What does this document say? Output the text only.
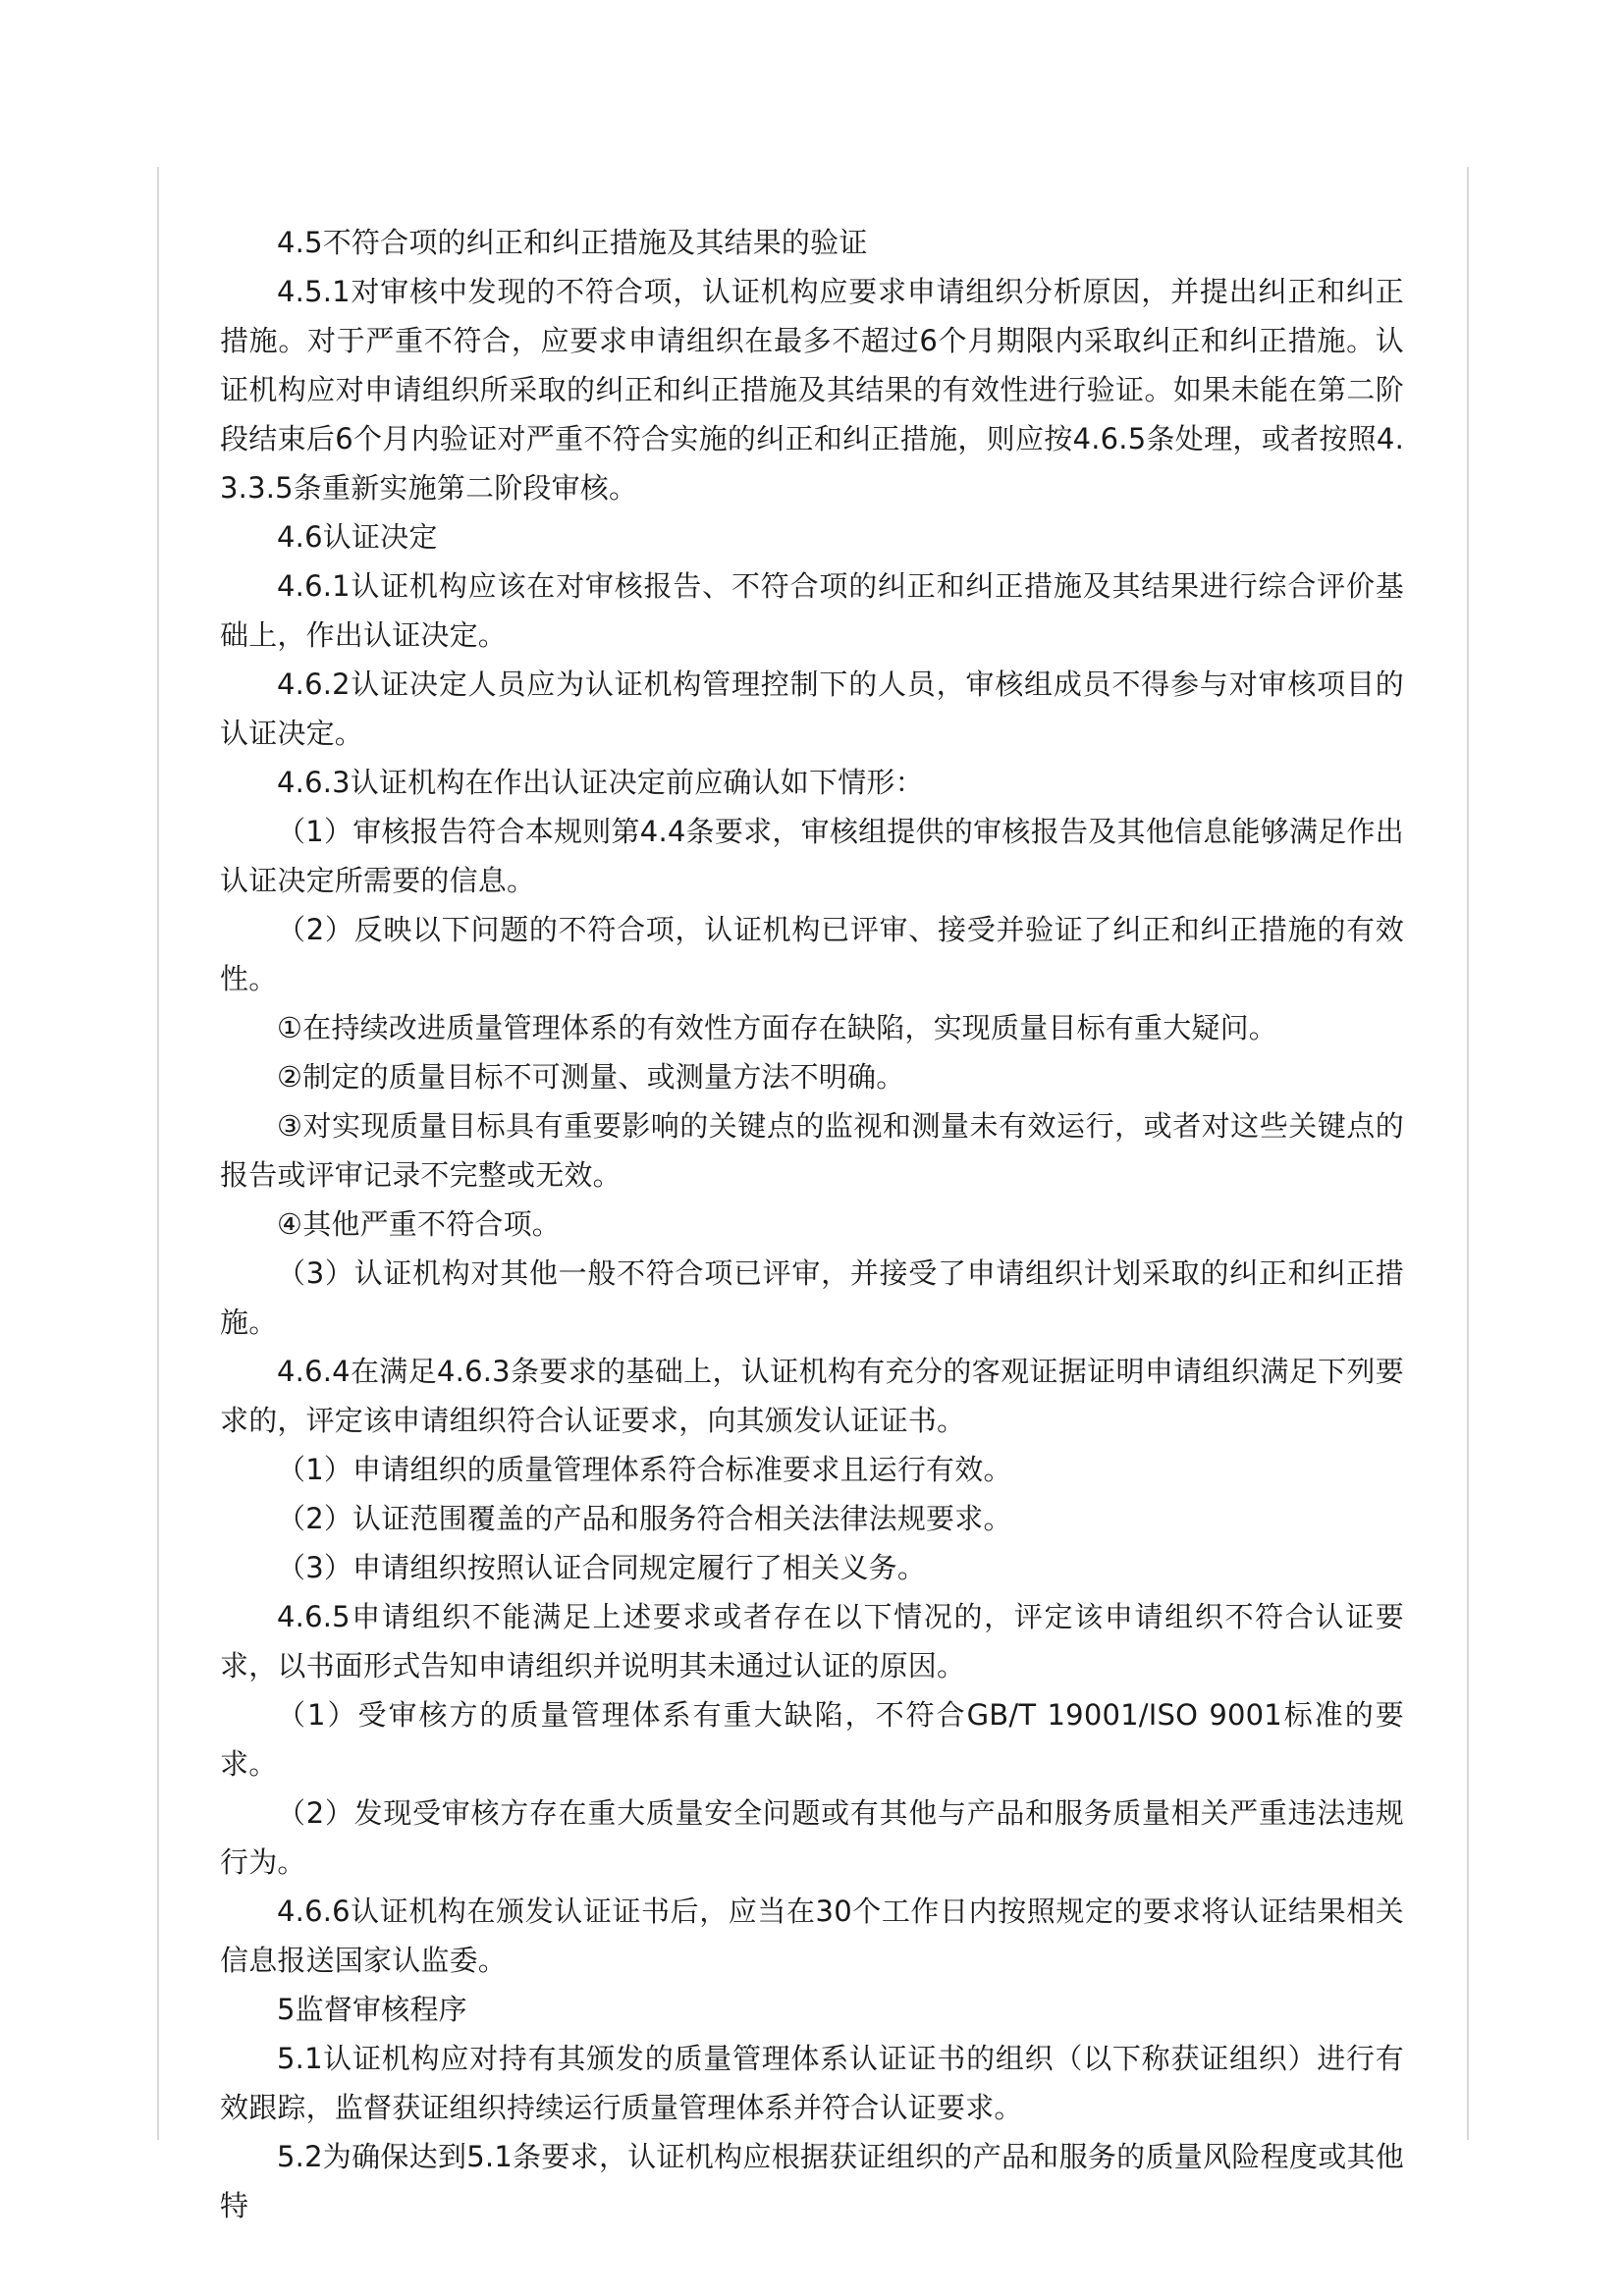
4.5不符合项的纠正和纠正措施及其结果的验证

4.5.1对审核中发现的不符合项，认证机构应要求申请组织分析原因，并提出纠正和纠正措施。对于严重不符合，应要求申请组织在最多不超过6个月期限内采取纠正和纠正措施。认证机构应对申请组织所采取的纠正和纠正措施及其结果的有效性进行验证。如果未能在第二阶段结束后6个月内验证对严重不符合实施的纠正和纠正措施，则应按4.6.5条处理，或者按照4.3.3.5条重新实施第二阶段审核。

4.6认证决定

4.6.1认证机构应该在对审核报告、不符合项的纠正和纠正措施及其结果进行综合评价基础上，作出认证决定。

4.6.2认证决定人员应为认证机构管理控制下的人员，审核组成员不得参与对审核项目的认证决定。

4.6.3认证机构在作出认证决定前应确认如下情形：

（1）审核报告符合本规则第4.4条要求，审核组提供的审核报告及其他信息能够满足作出认证决定所需要的信息。

（2）反映以下问题的不符合项，认证机构已评审、接受并验证了纠正和纠正措施的有效性。

①在持续改进质量管理体系的有效性方面存在缺陷，实现质量目标有重大疑问。

②制定的质量目标不可测量、或测量方法不明确。

③对实现质量目标具有重要影响的关键点的监视和测量未有效运行，或者对这些关键点的报告或评审记录不完整或无效。

④其他严重不符合项。

（3）认证机构对其他一般不符合项已评审，并接受了申请组织计划采取的纠正和纠正措施。

4.6.4在满足4.6.3条要求的基础上，认证机构有充分的客观证据证明申请组织满足下列要求的，评定该申请组织符合认证要求，向其颁发认证证书。

（1）申请组织的质量管理体系符合标准要求且运行有效。

（2）认证范围覆盖的产品和服务符合相关法律法规要求。

（3）申请组织按照认证合同规定履行了相关义务。

4.6.5申请组织不能满足上述要求或者存在以下情况的，评定该申请组织不符合认证要求，以书面形式告知申请组织并说明其未通过认证的原因。

（1）受审核方的质量管理体系有重大缺陷，不符合GB/T 19001/ISO 9001标准的要求。

（2）发现受审核方存在重大质量安全问题或有其他与产品和服务质量相关严重违法违规行为。

4.6.6认证机构在颁发认证证书后，应当在30个工作日内按照规定的要求将认证结果相关信息报送国家认监委。

5监督审核程序

5.1认证机构应对持有其颁发的质量管理体系认证证书的组织（以下称获证组织）进行有效跟踪，监督获证组织持续运行质量管理体系并符合认证要求。

5.2为确保达到5.1条要求，认证机构应根据获证组织的产品和服务的质量风险程度或其他特
